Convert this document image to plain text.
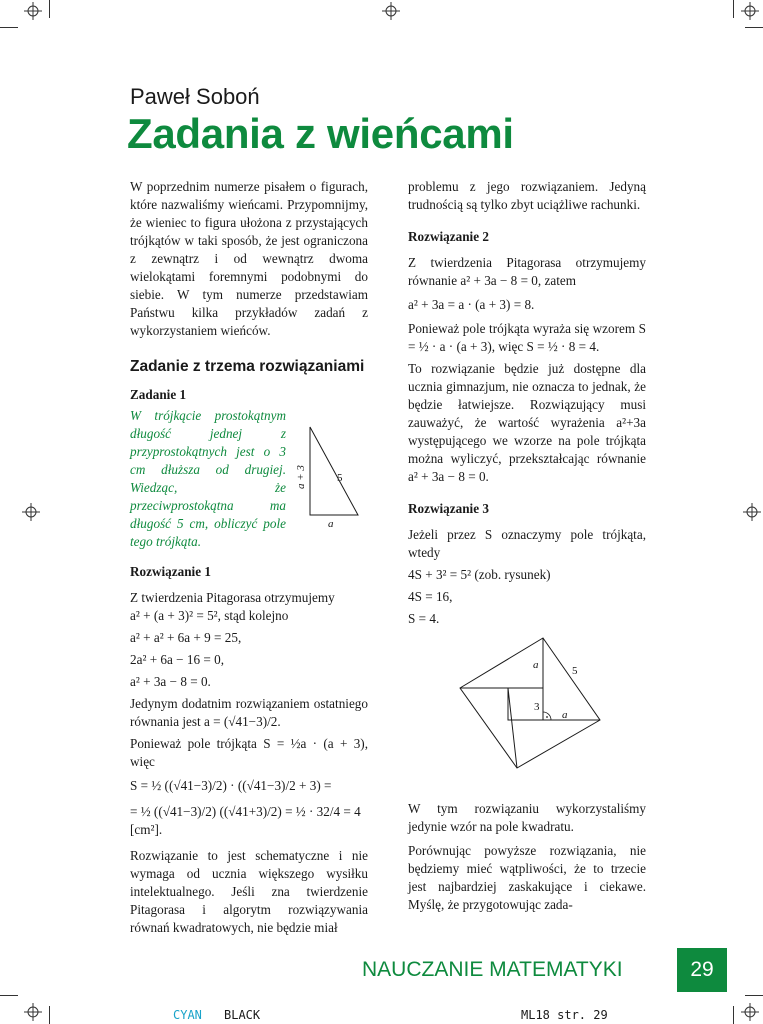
Paweł Soboń
Zadania z wieńcami

W poprzednim numerze pisałem o figurach, które nazwaliśmy wieńcami. Przypomnijmy, że wieniec to figura ułożona z przystających trójkątów w taki sposób, że jest ograniczona z zewnątrz i od wewnątrz dwoma wielokątami foremnymi podobnymi do siebie. W tym numerze przedstawiam Państwu kilka przykładów zadań z wykorzystaniem wieńców.

Zadanie z trzema rozwiązaniami

Zadanie 1

W trójkącie prostokątnym długość jednej z przyprostokątnych jest o 3 cm dłuższa od drugiej. Wiedząc, że przeciwprostokątna ma długość 5 cm, obliczyć pole tego trójkąta.

a + 3	5
a

Rozwiązanie 1

Z twierdzenia Pitagorasa otrzymujemy

a² + (a + 3)² = 5², stąd kolejno

a² + a² + 6a + 9 = 25,

2a² + 6a − 16 = 0,

a² + 3a − 8 = 0.

Jedynym dodatnim rozwiązaniem ostatniego równania jest a = (√41−3)/2.

Ponieważ pole trójkąta S = ½a · (a + 3), więc

S = ½ ((√41−3)/2) · ((√41−3)/2 + 3) =

= ½ ((√41−3)/2) ((√41+3)/2) = ½ · 32/4 = 4 [cm²].

Rozwiązanie to jest schematyczne i nie wymaga od ucznia większego wysiłku intelektualnego. Jeśli zna twierdzenie Pitagorasa i algorytm rozwiązywania równań kwadratowych, nie będzie miał

problemu z jego rozwiązaniem. Jedyną trudnością są tylko zbyt uciążliwe rachunki.

Rozwiązanie 2

Z twierdzenia Pitagorasa otrzymujemy równanie a² + 3a − 8 = 0, zatem

a² + 3a = a · (a + 3) = 8.

Ponieważ pole trójkąta wyraża się wzorem S = ½ · a · (a + 3), więc S = ½ · 8 = 4.

To rozwiązanie będzie już dostępne dla ucznia gimnazjum, nie oznacza to jednak, że będzie łatwiejsze. Rozwiązujący musi zauważyć, że wartość wyrażenia a²+3a występującego we wzorze na pole trójkąta można wyliczyć, przekształcając równanie a² + 3a − 8 = 0.

Rozwiązanie 3

Jeżeli przez S oznaczymy pole trójkąta, wtedy

4S + 3² = 5² (zob. rysunek)

4S = 16,

S = 4.

a	5
3
a

W tym rozwiązaniu wykorzystaliśmy jedynie wzór na pole kwadratu.

Porównując powyższe rozwiązania, nie będziemy mieć wątpliwości, że to trzecie jest najbardziej zaskakujące i ciekawe. Myślę, że przygotowując zada-

NAUCZANIE MATEMATYKI	29
CYAN BLACK	ML18 str. 29
